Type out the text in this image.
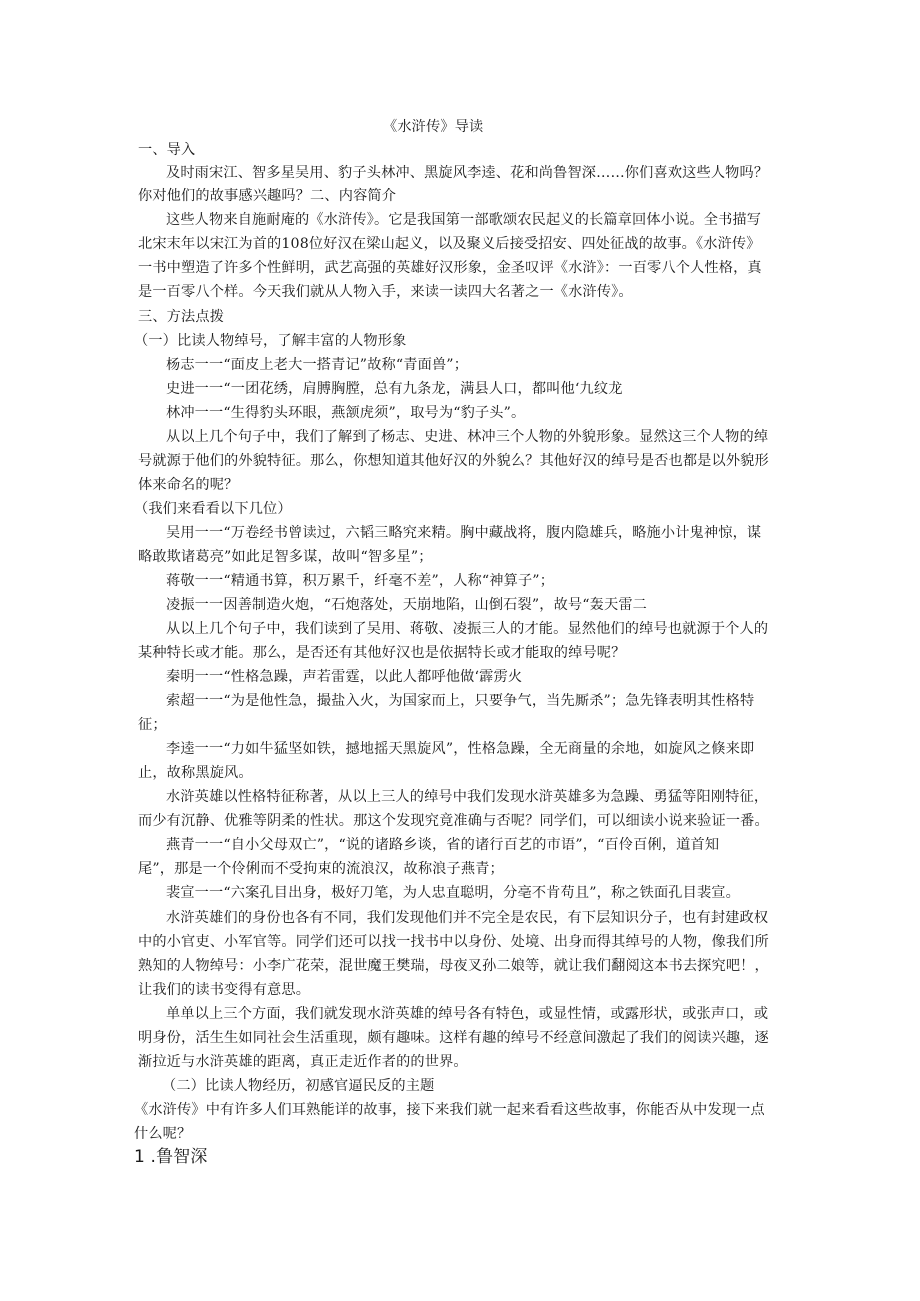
《水浒传》导读
一、导入
及时雨宋江、智多星吴用、豹子头林冲、黑旋风李逵、花和尚鲁智深……你们喜欢这些人物吗？
你对他们的故事感兴趣吗？二、内容简介
这些人物来自施耐庵的《水浒传》。它是我国第一部歌颂农民起义的长篇章回体小说。全书描写
北宋末年以宋江为首的108位好汉在梁山起义，以及聚义后接受招安、四处征战的故事。《水浒传》
一书中塑造了许多个性鲜明，武艺高强的英雄好汉形象，金圣叹评《水浒》：一百零八个人性格，真
是一百零八个样。今天我们就从人物入手，来读一读四大名著之一《水浒传》。
三、方法点拨
（一）比读人物绰号，了解丰富的人物形象
杨志一一“面皮上老大一搭青记”故称“青面兽”；
史进一一“一团花绣，肩膊胸膛，总有九条龙，满县人口，都叫他‘九纹龙
林冲一一“生得豹头环眼，燕颔虎须”，取号为“豹子头”。
从以上几个句子中，我们了解到了杨志、史进、林冲三个人物的外貌形象。显然这三个人物的绰
号就源于他们的外貌特征。那么，你想知道其他好汉的外貌么？其他好汉的绰号是否也都是以外貌形
体来命名的呢？
（我们来看看以下几位）
吴用一一“万卷经书曾读过，六韬三略究来精。胸中藏战将，腹内隐雄兵，略施小计鬼神惊，谋
略敢欺诸葛亮”如此足智多谋，故叫“智多星”；
蒋敬一一“精通书算，积万累千，纤毫不差”，人称“神算子”；
凌振一一因善制造火炮，“石炮落处，天崩地陷，山倒石裂”，故号“轰天雷二
从以上几个句子中，我们读到了吴用、蒋敬、凌振三人的才能。显然他们的绰号也就源于个人的
某种特长或才能。那么，是否还有其他好汉也是依据特长或才能取的绰号呢？
秦明一一“性格急躁，声若雷霆，以此人都呼他做‘霹雳火
索超一一“为是他性急，撮盐入火，为国家而上，只要争气，当先厮杀”；急先锋表明其性格特
征；
李逵一一“力如牛猛坚如铁，撼地摇天黑旋风”，性格急躁，全无商量的余地，如旋风之倏来即
止，故称黑旋风。
水浒英雄以性格特征称著，从以上三人的绰号中我们发现水浒英雄多为急躁、勇猛等阳刚特征，
而少有沉静、优雅等阴柔的性状。那这个发现究竟准确与否呢？同学们，可以细读小说来验证一番。
燕青一一“自小父母双亡”，“说的诸路乡谈，省的诸行百艺的市语”，“百伶百俐，道首知
尾”，那是一个伶俐而不受拘束的流浪汉，故称浪子燕青；
裴宣一一“六案孔目出身，极好刀笔，为人忠直聪明，分亳不肯苟且”，称之铁面孔目裴宣。
水浒英雄们的身份也各有不同，我们发现他们并不完全是农民，有下层知识分子，也有封建政权
中的小官吏、小军官等。同学们还可以找一找书中以身份、处境、出身而得其绰号的人物，像我们所
熟知的人物绰号：小李广花荣，混世魔王樊瑞，母夜叉孙二娘等，就让我们翻阅这本书去探究吧！，
让我们的读书变得有意思。
单单以上三个方面，我们就发现水浒英雄的绰号各有特色，或显性情，或露形状，或张声口，或
明身份，活生生如同社会生活重现，颇有趣味。这样有趣的绰号不经意间激起了我们的阅读兴趣，逐
渐拉近与水浒英雄的距离，真正走近作者的的世界。
（二）比读人物经历，初感官逼民反的主题
《水浒传》中有许多人们耳熟能详的故事，接下来我们就一起来看看这些故事，你能否从中发现一点
什么呢？
1 .鲁智深
